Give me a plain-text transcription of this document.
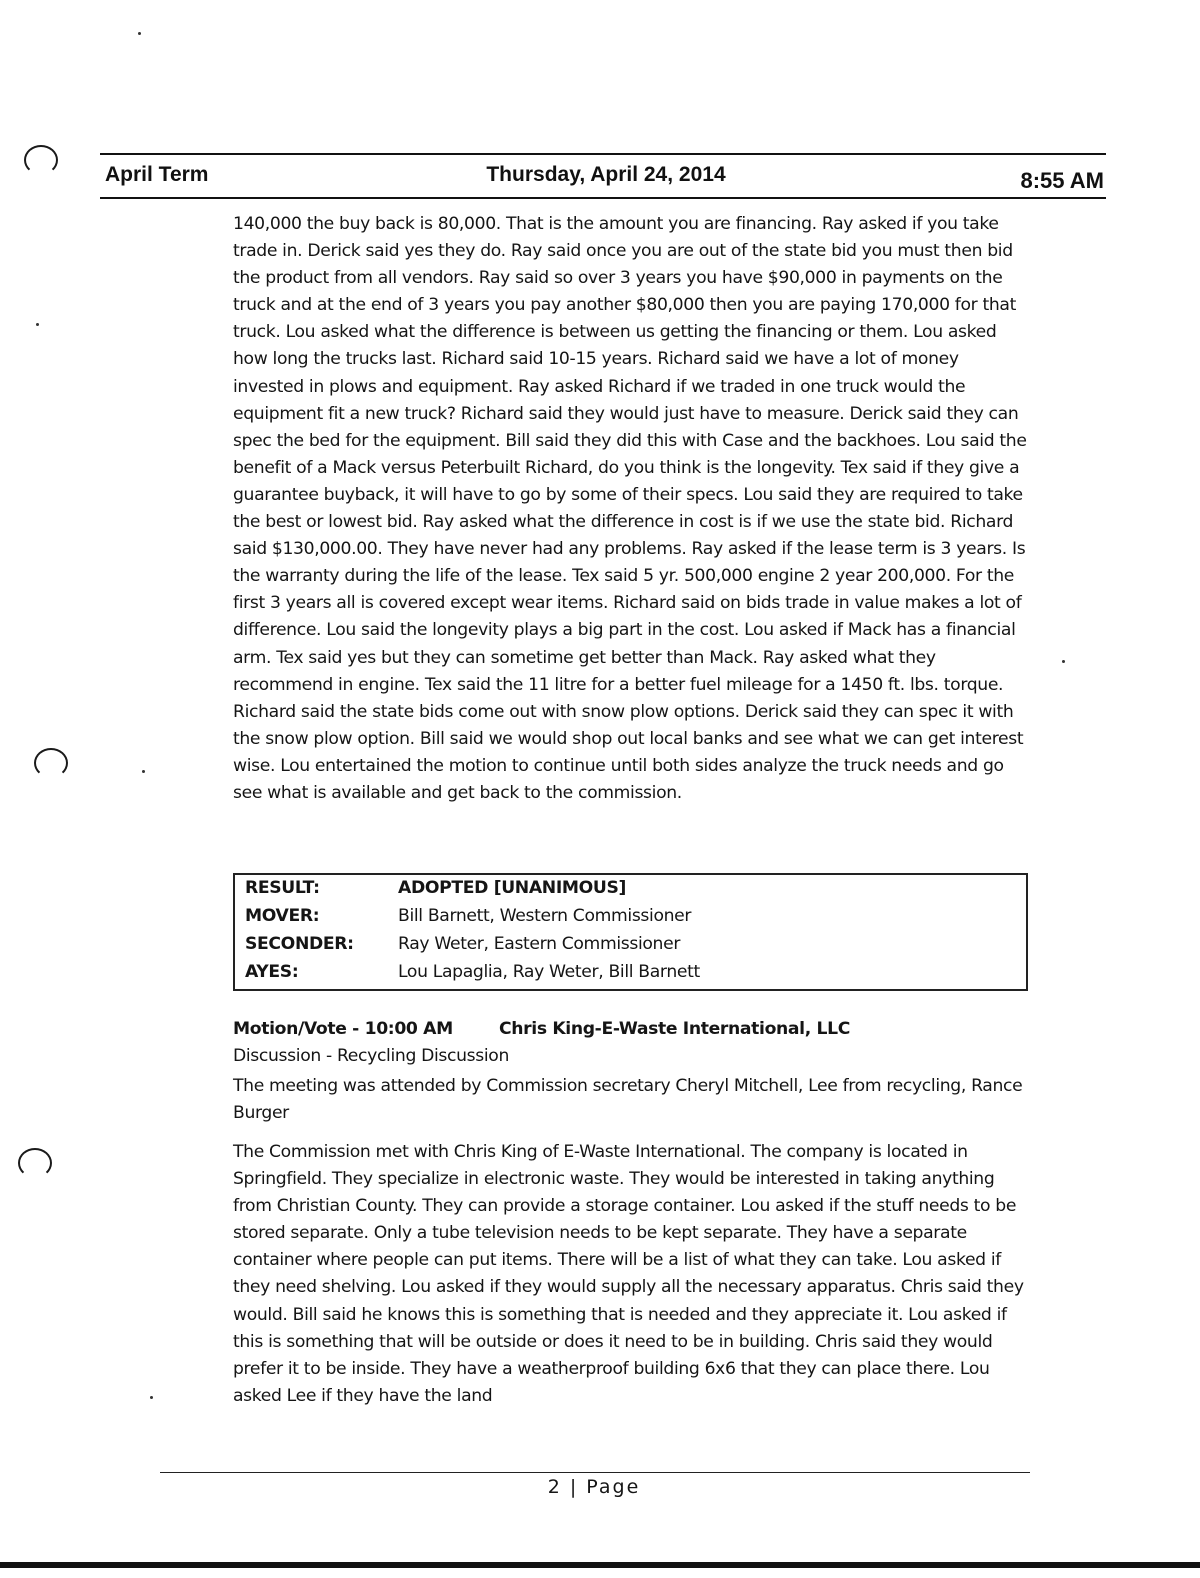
April Term	Thursday, April 24, 2014	8:55 AM
140,000 the buy back is 80,000. That is the amount you are financing. Ray asked if you take trade in. Derick said yes they do. Ray said once you are out of the state bid you must then bid the product from all vendors. Ray said so over 3 years you have $90,000 in payments on the truck and at the end of 3 years you pay another $80,000 then you are paying 170,000 for that truck. Lou asked what the difference is between us getting the financing or them. Lou asked how long the trucks last. Richard said 10-15 years. Richard said we have a lot of money invested in plows and equipment. Ray asked Richard if we traded in one truck would the equipment fit a new truck? Richard said they would just have to measure. Derick said they can spec the bed for the equipment. Bill said they did this with Case and the backhoes. Lou said the benefit of a Mack versus Peterbuilt Richard, do you think is the longevity. Tex said if they give a guarantee buyback, it will have to go by some of their specs. Lou said they are required to take the best or lowest bid. Ray asked what the difference in cost is if we use the state bid. Richard said $130,000.00. They have never had any problems. Ray asked if the lease term is 3 years. Is the warranty during the life of the lease. Tex said 5 yr. 500,000 engine 2 year 200,000. For the first 3 years all is covered except wear items. Richard said on bids trade in value makes a lot of difference. Lou said the longevity plays a big part in the cost. Lou asked if Mack has a financial arm. Tex said yes but they can sometime get better than Mack. Ray asked what they recommend in engine. Tex said the 11 litre for a better fuel mileage for a 1450 ft. lbs. torque. Richard said the state bids come out with snow plow options. Derick said they can spec it with the snow plow option. Bill said we would shop out local banks and see what we can get interest wise. Lou entertained the motion to continue until both sides analyze the truck needs and go see what is available and get back to the commission.
RESULT:	ADOPTED [UNANIMOUS]
MOVER:	Bill Barnett, Western Commissioner
SECONDER:	Ray Weter, Eastern Commissioner
AYES:	Lou Lapaglia, Ray Weter, Bill Barnett
Motion/Vote - 10:00 AM	Chris King-E-Waste International, LLC
Discussion - Recycling Discussion
The meeting was attended by Commission secretary Cheryl Mitchell, Lee from recycling, Rance Burger
The Commission met with Chris King of E-Waste International. The company is located in Springfield. They specialize in electronic waste. They would be interested in taking anything from Christian County. They can provide a storage container. Lou asked if the stuff needs to be stored separate. Only a tube television needs to be kept separate. They have a separate container where people can put items. There will be a list of what they can take. Lou asked if they need shelving. Lou asked if they would supply all the necessary apparatus. Chris said they would. Bill said he knows this is something that is needed and they appreciate it. Lou asked if this is something that will be outside or does it need to be in building. Chris said they would prefer it to be inside. They have a weatherproof building 6x6 that they can place there. Lou asked Lee if they have the land
2 | Page
